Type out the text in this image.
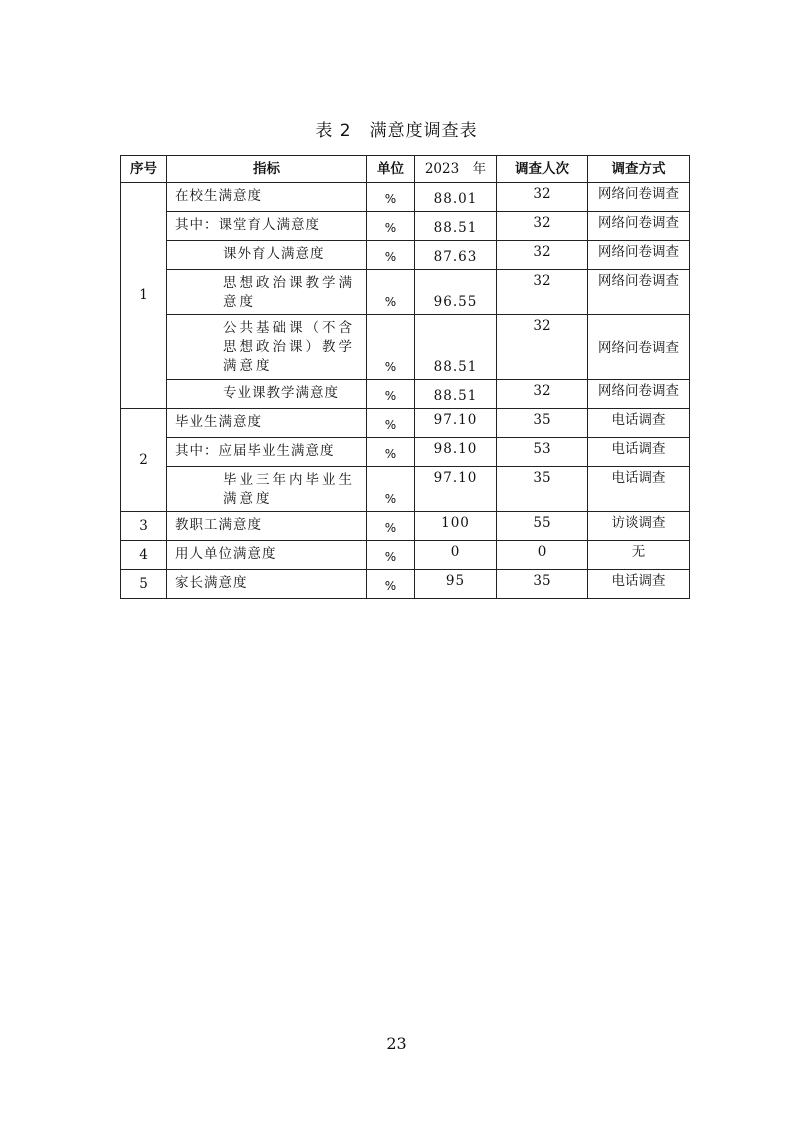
表 2　满意度调查表
序号	指标	单位	2023　年	调查人次	调查方式
1	在校生满意度	%	88.01	32	网络问卷调查
	其中：课堂育人满意度	%	88.51	32	网络问卷调查
	课外育人满意度	%	87.63	32	网络问卷调查
	思想政治课教学满意度	%	96.55	32	网络问卷调查
	公共基础课（不含思想政治课）教学满意度	%	88.51	32	网络问卷调查
	专业课教学满意度	%	88.51	32	网络问卷调查
2	毕业生满意度	%	97.10	35	电话调查
	其中：应届毕业生满意度	%	98.10	53	电话调查
	毕业三年内毕业生满意度	%	97.10	35	电话调查
3	教职工满意度	%	100	55	访谈调查
4	用人单位满意度	%	0	0	无
5	家长满意度	%	95	35	电话调查
23
